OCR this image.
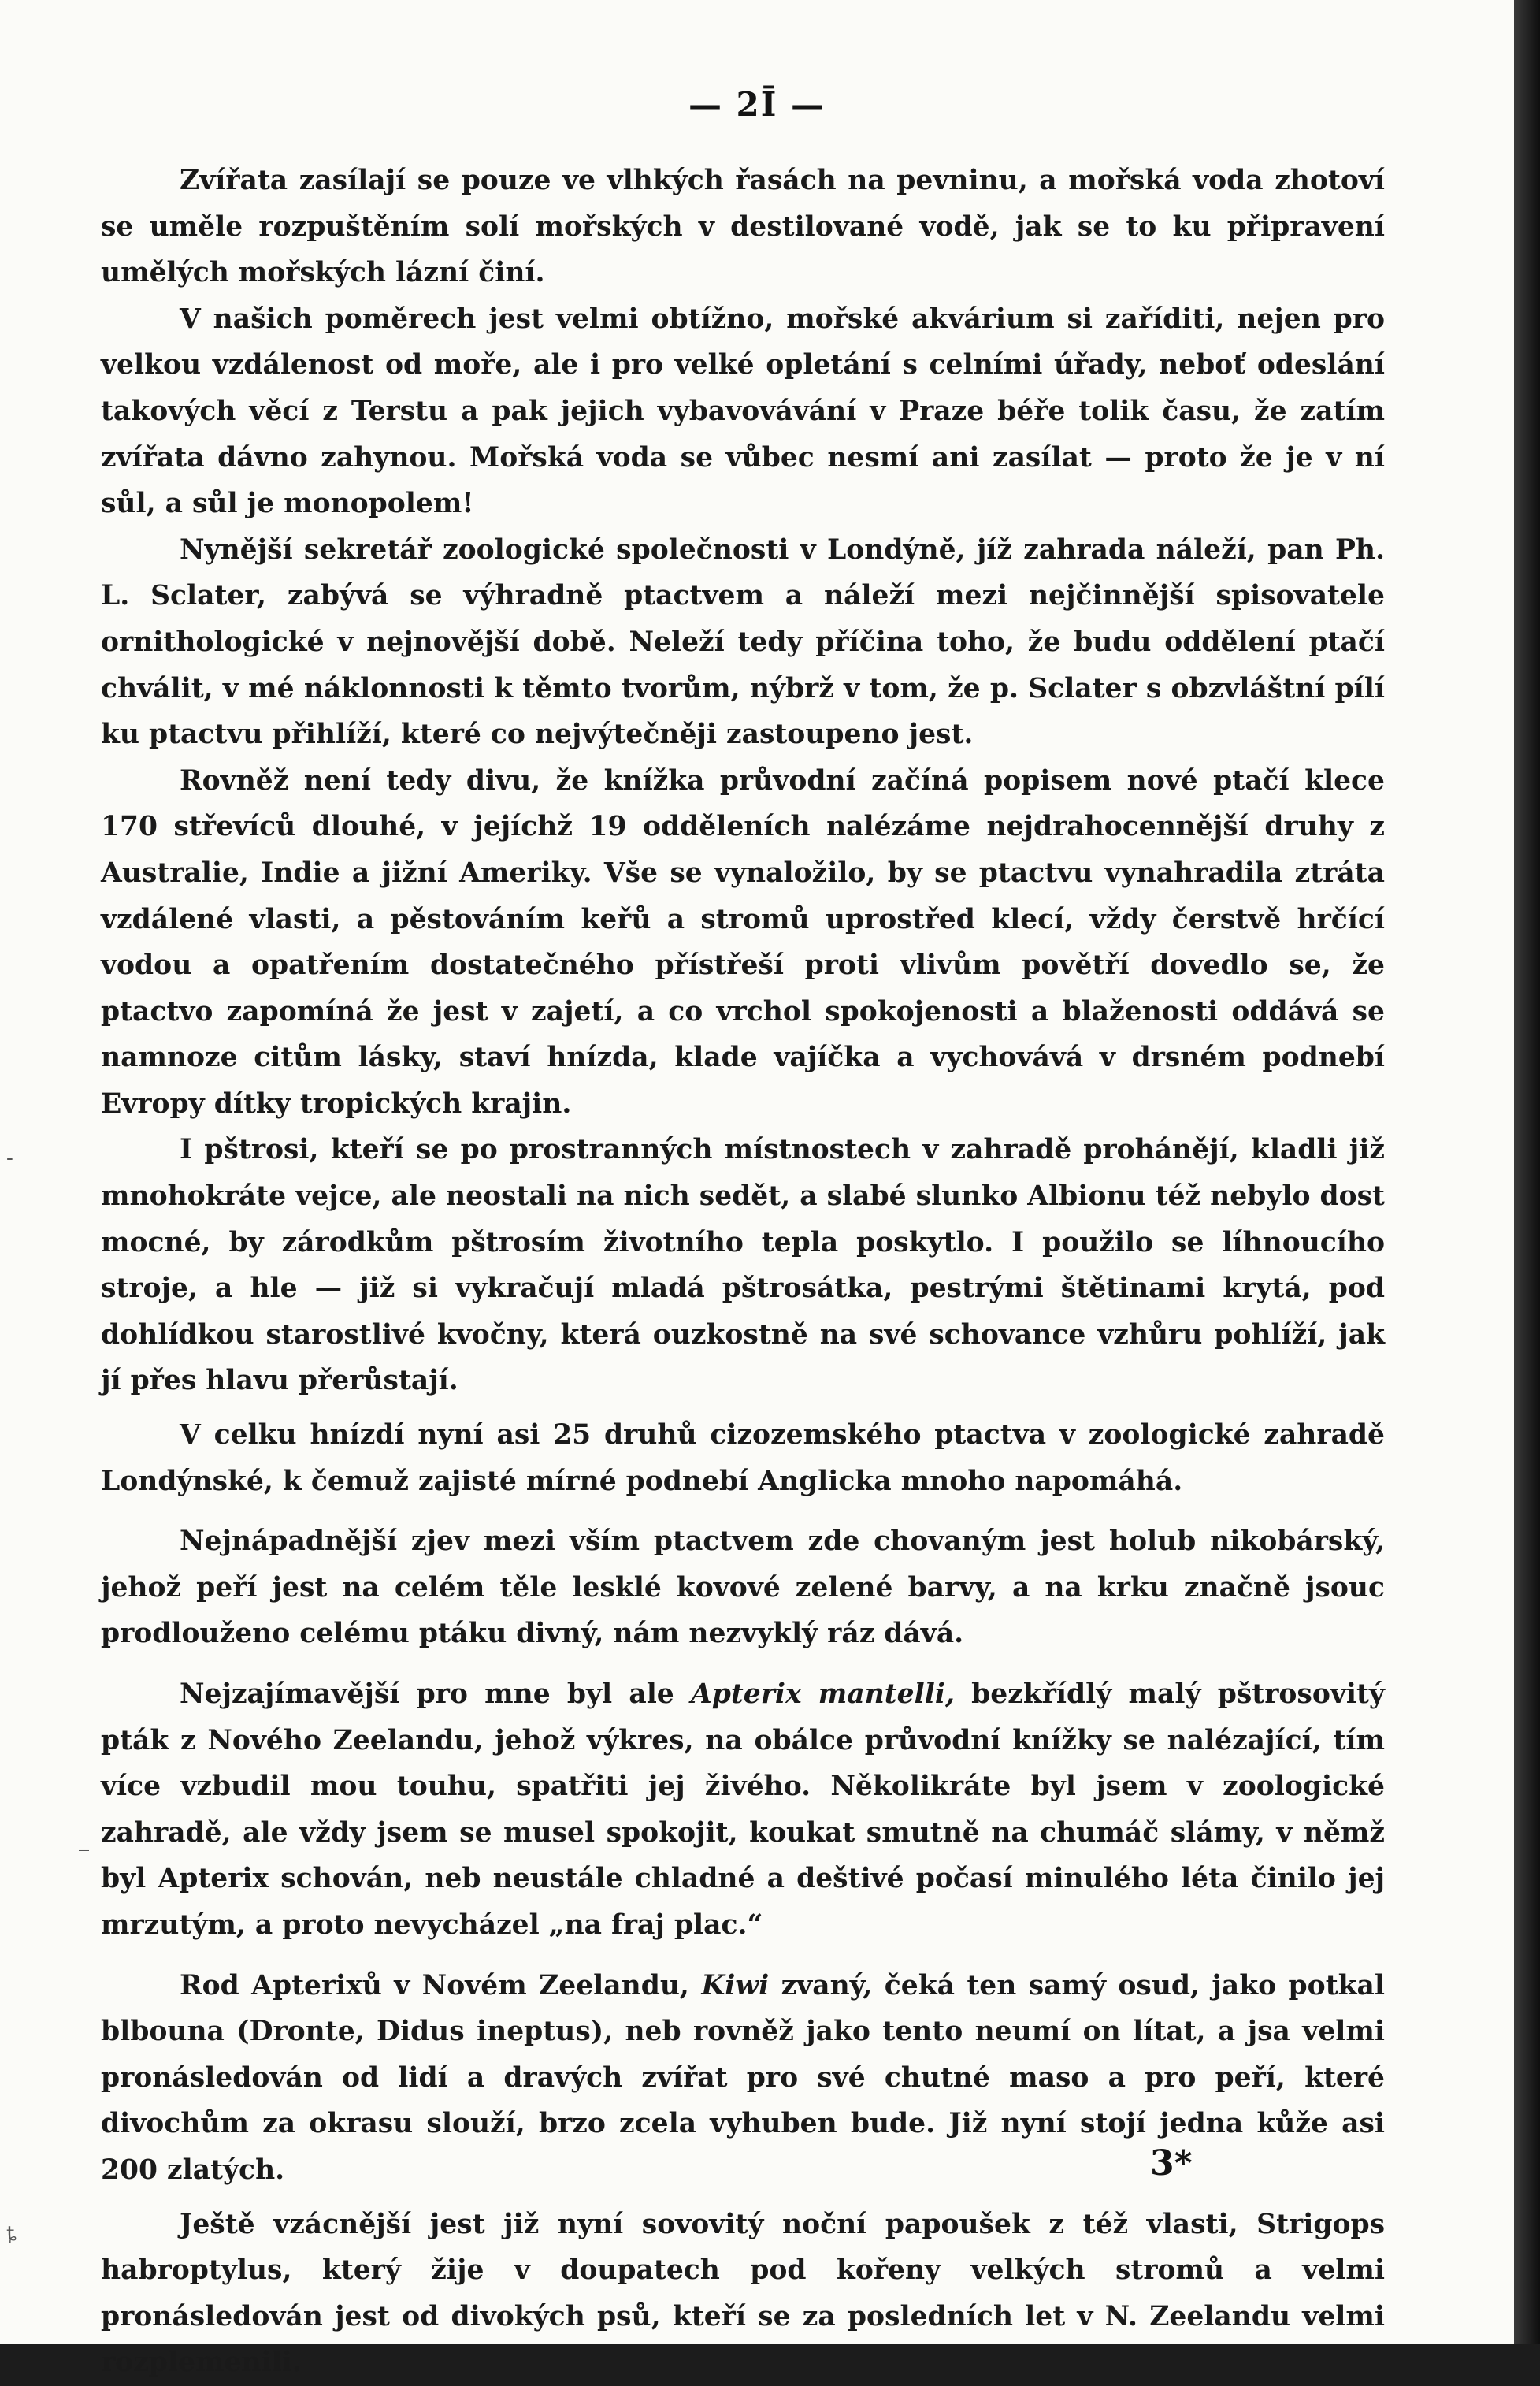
— 2Ī —

Zvířata zasílají se pouze ve vlhkých řasách na pevninu, a mořská voda zhotoví se uměle rozpuštěním solí mořských v destilované vodě, jak se to ku připravení umělých mořských lázní činí.

V našich poměrech jest velmi obtížno, mořské akvárium si zaříditi, nejen pro velkou vzdálenost od moře, ale i pro velké opletání s celními úřady, neboť odeslání takových věcí z Terstu a pak jejich vybavovávání v Praze béře tolik času, že zatím zvířata dávno zahynou. Mořská voda se vůbec nesmí ani zasílat — proto že je v ní sůl, a sůl je monopolem!

Nynější sekretář zoologické společnosti v Londýně, jíž zahrada náleží, pan Ph. L. Sclater, zabývá se výhradně ptactvem a náleží mezi nejčinnější spisovatele ornithologické v nejnovější době. Neleží tedy příčina toho, že budu oddělení ptačí chválit, v mé náklonnosti k těmto tvorům, nýbrž v tom, že p. Sclater s obzvláštní pílí ku ptactvu přihlíží, které co nejvýtečněji zastoupeno jest.

Rovněž není tedy divu, že knížka průvodní začíná popisem nové ptačí klece 170 střevíců dlouhé, v jejíchž 19 odděleních nalézáme nejdrahocennější druhy z Australie, Indie a jižní Ameriky. Vše se vynaložilo, by se ptactvu vynahradila ztráta vzdálené vlasti, a pěstováním keřů a stromů uprostřed klecí, vždy čerstvě hrčící vodou a opatřením dostatečného přístřeší proti vlivům povětří dovedlo se, že ptactvo zapomíná že jest v zajetí, a co vrchol spokojenosti a blaženosti oddává se namnoze citům lásky, staví hnízda, klade vajíčka a vychovává v drsném podnebí Evropy dítky tropických krajin.

I pštrosi, kteří se po prostranných místnostech v zahradě prohánějí, kladli již mnohokráte vejce, ale neostali na nich sedět, a slabé slunko Albionu též nebylo dost mocné, by zárodkům pštrosím životního tepla poskytlo. I použilo se líhnoucího stroje, a hle — již si vykračují mladá pštrosátka, pestrými štětinami krytá, pod dohlídkou starostlivé kvočny, která ouzkostně na své schovance vzhůru pohlíží, jak jí přes hlavu přerůstají.

V celku hnízdí nyní asi 25 druhů cizozemského ptactva v zoologické zahradě Londýnské, k čemuž zajisté mírné podnebí Anglicka mnoho napomáhá.

Nejnápadnější zjev mezi vším ptactvem zde chovaným jest holub nikobárský, jehož peří jest na celém těle lesklé kovové zelené barvy, a na krku značně jsouc prodlouženo celému ptáku divný, nám nezvyklý ráz dává.

Nejzajímavější pro mne byl ale Apterix mantelli, bezkřídlý malý pštrosovitý pták z Nového Zeelandu, jehož výkres, na obálce průvodní knížky se nalézající, tím více vzbudil mou touhu, spatřiti jej živého. Několikráte byl jsem v zoologické zahradě, ale vždy jsem se musel spokojit, koukat smutně na chumáč slámy, v němž byl Apterix schován, neb neustále chladné a deštivé počasí minulého léta činilo jej mrzutým, a proto nevycházel „na fraj plac.“

Rod Apterixů v Novém Zeelandu, Kiwi zvaný, čeká ten samý osud, jako potkal blbouna (Dronte, Didus ineptus), neb rovněž jako tento neumí on lítat, a jsa velmi pronásledován od lidí a dravých zvířat pro své chutné maso a pro peří, které divochům za okrasu slouží, brzo zcela vyhuben bude. Již nyní stojí jedna kůže asi 200 zlatých.

Ještě vzácnější jest již nyní sovovitý noční papoušek z též vlasti, Strigops habroptylus, který žije v doupatech pod kořeny velkých stromů a velmi pronásledován jest od divokých psů, kteří se za posledních let v N. Zeelandu velmi rozplemenili.

3*
-
_
ȶ
